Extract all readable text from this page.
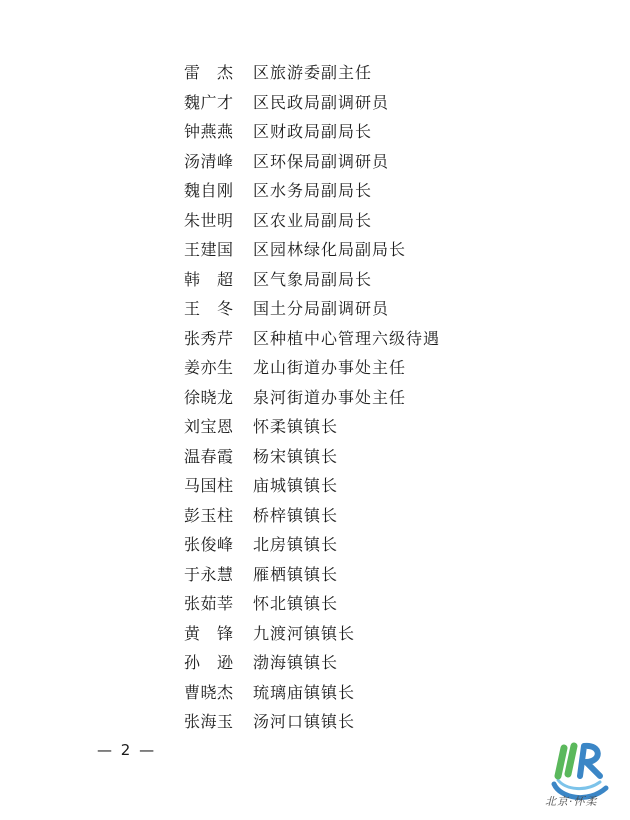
雷　杰 区旅游委副主任
魏广才 区民政局副调研员
钟燕燕 区财政局副局长
汤清峰 区环保局副调研员
魏自刚 区水务局副局长
朱世明 区农业局副局长
王建国 区园林绿化局副局长
韩　超 区气象局副局长
王　冬 国土分局副调研员
张秀芹 区种植中心管理六级待遇
姜亦生 龙山街道办事处主任
徐晓龙 泉河街道办事处主任
刘宝恩 怀柔镇镇长
温春霞 杨宋镇镇长
马国柱 庙城镇镇长
彭玉柱 桥梓镇镇长
张俊峰 北房镇镇长
于永慧 雁栖镇镇长
张茹莘 怀北镇镇长
黄　锋 九渡河镇镇长
孙　逊 渤海镇镇长
曹晓杰 琉璃庙镇镇长
张海玉 汤河口镇镇长
— 2 —
北京·怀柔
